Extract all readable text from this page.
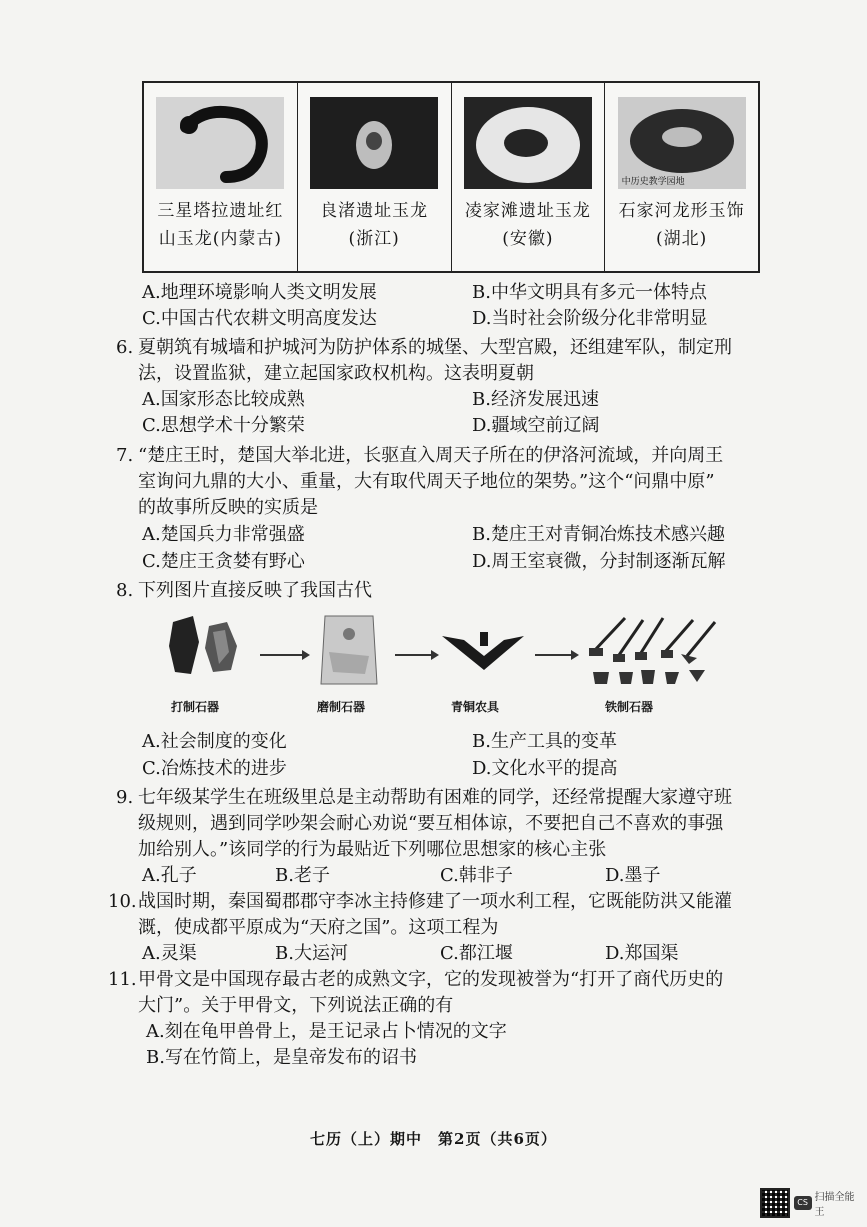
三星塔拉遗址红
山玉龙(内蒙古)
良渚遗址玉龙
(浙江)
凌家滩遗址玉龙
(安徽)
中历史教学园地
石家河龙形玉饰
(湖北)
A.地理环境影响人类文明发展	B.中华文明具有多元一体特点
C.中国古代农耕文明高度发达	D.当时社会阶级分化非常明显
6. 夏朝筑有城墙和护城河为防护体系的城堡、大型宫殿，还组建军队，制定刑
法，设置监狱，建立起国家政权机构。这表明夏朝
A.国家形态比较成熟	B.经济发展迅速
C.思想学术十分繁荣	D.疆域空前辽阔
7. “楚庄王时，楚国大举北进，长驱直入周天子所在的伊洛河流域，并向周王
室询问九鼎的大小、重量，大有取代周天子地位的架势。”这个“问鼎中原”
的故事所反映的实质是
A.楚国兵力非常强盛	B.楚庄王对青铜冶炼技术感兴趣
C.楚庄王贪婪有野心	D.周王室衰微，分封制逐渐瓦解
8. 下列图片直接反映了我国古代
打制石器	磨制石器	青铜农具	铁制石器
A.社会制度的变化	B.生产工具的变革
C.冶炼技术的进步	D.文化水平的提高
9. 七年级某学生在班级里总是主动帮助有困难的同学，还经常提醒大家遵守班
级规则，遇到同学吵架会耐心劝说“要互相体谅，不要把自己不喜欢的事强
加给别人。”该同学的行为最贴近下列哪位思想家的核心主张
A.孔子	B.老子	C.韩非子	D.墨子
10. 战国时期，秦国蜀郡郡守李冰主持修建了一项水利工程，它既能防洪又能灌
溉，使成都平原成为“天府之国”。这项工程为
A.灵渠	B.大运河	C.都江堰	D.郑国渠
11. 甲骨文是中国现存最古老的成熟文字，它的发现被誉为“打开了商代历史的
大门”。关于甲骨文，下列说法正确的有
A.刻在龟甲兽骨上，是王记录占卜情况的文字
B.写在竹简上，是皇帝发布的诏书
七历（上）期中　第2页（共6页）
CS 扫描全能王
